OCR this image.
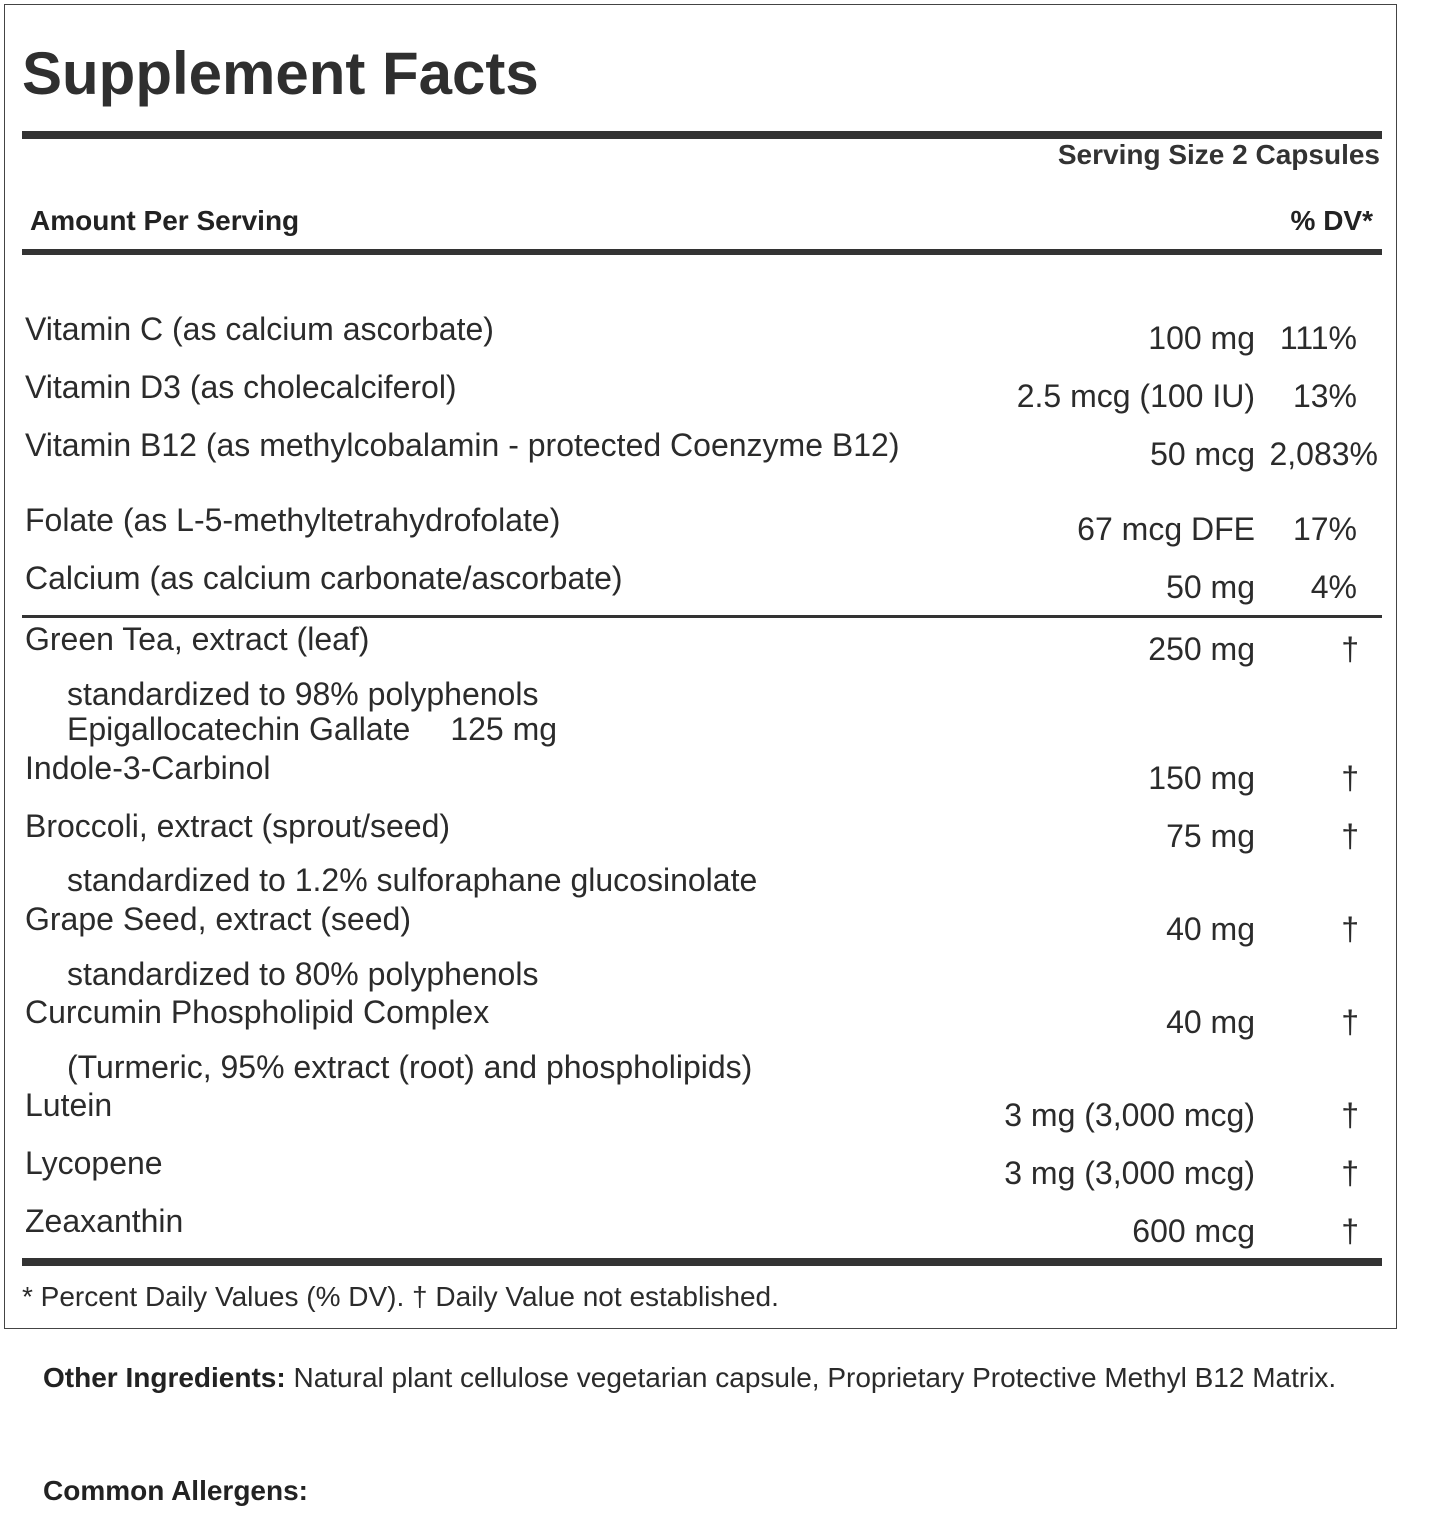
Supplement Facts
Serving Size 2 Capsules
Amount Per Serving	% DV*
Vitamin C (as calcium ascorbate)	100 mg 111%
Vitamin D3 (as cholecalciferol)	2.5 mcg (100 IU) 13%
Vitamin B12 (as methylcobalamin - protected Coenzyme B12)	50 mcg 2,083%
Folate (as L-5-methyltetrahydrofolate)	67 mcg DFE 17%
Calcium (as calcium carbonate/ascorbate)	50 mg 4%
Green Tea, extract (leaf)	250 mg	†
standardized to 98% polyphenols
Epigallocatechin Gallate 125 mg
Indole-3-Carbinol	150 mg	†
Broccoli, extract (sprout/seed)	75 mg	†
standardized to 1.2% sulforaphane glucosinolate
Grape Seed, extract (seed)	40 mg	†
standardized to 80% polyphenols
Curcumin Phospholipid Complex	40 mg	†
(Turmeric, 95% extract (root) and phospholipids)
Lutein	3 mg (3,000 mcg)	†
Lycopene	3 mg (3,000 mcg)	†
Zeaxanthin	600 mcg	†
* Percent Daily Values (% DV). † Daily Value not established.
Other Ingredients: Natural plant cellulose vegetarian capsule, Proprietary Protective Methyl B12 Matrix.
Common Allergens:
